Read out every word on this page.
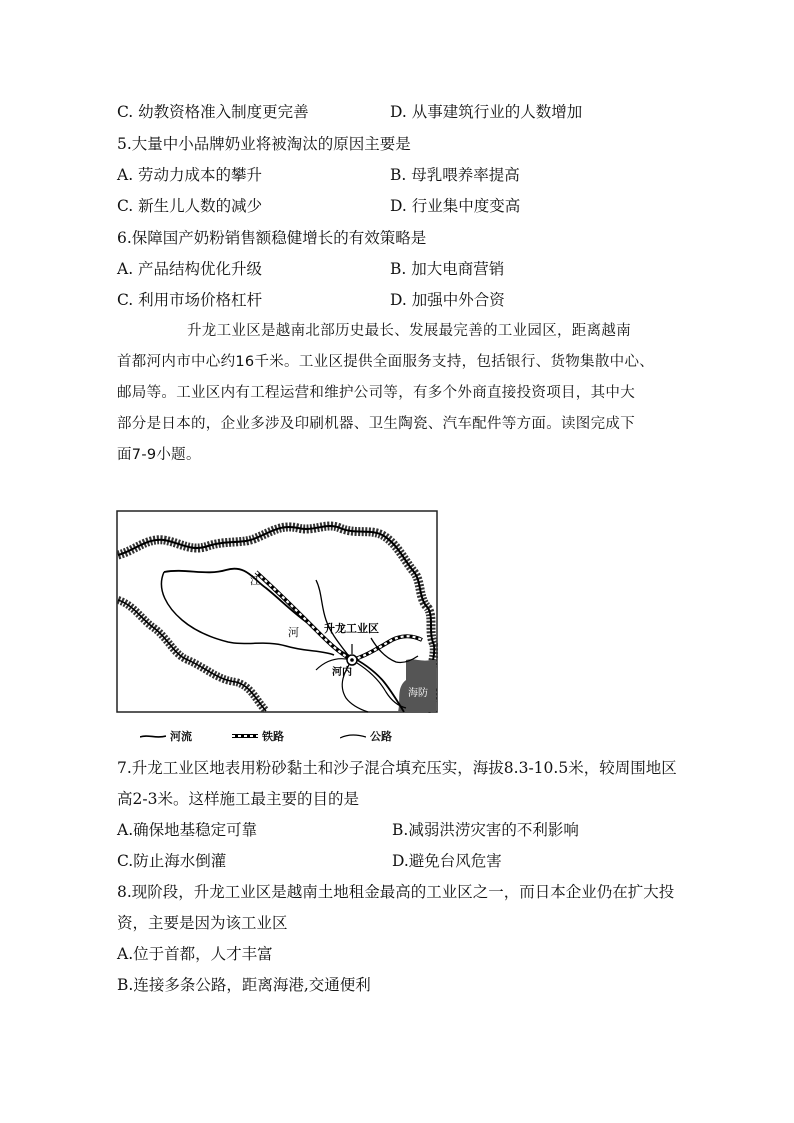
C. 幼教资格准入制度更完善	D. 从事建筑行业的人数增加
5.大量中小品牌奶业将被淘汰的原因主要是
A. 劳动力成本的攀升	B. 母乳喂养率提高
C. 新生儿人数的减少	D. 行业集中度变高
6.保障国产奶粉销售额稳健增长的有效策略是
A. 产品结构优化升级	B. 加大电商营销
C. 利用市场价格杠杆	D. 加强中外合资

升龙工业区是越南北部历史最长、发展最完善的工业园区，距离越南

首都河内市中心约16千米。工业区提供全面服务支持，包括银行、货物集散中心、

邮局等。工业区内有工程运营和维护公司等，有多个外商直接投资项目，其中大

部分是日本的，企业多涉及印刷机器、卫生陶瓷、汽车配件等方面。读图完成下

面7-9小题。

江
河 升龙工业区
河内
海防
河流	铁路	公路
7.升龙工业区地表用粉砂黏土和沙子混合填充压实，海拔8.3-10.5米，较周围地区
高2-3米。这样施工最主要的目的是
A.确保地基稳定可靠	B.减弱洪涝灾害的不利影响
C.防止海水倒灌	D.避免台风危害
8.现阶段，升龙工业区是越南土地租金最高的工业区之一，而日本企业仍在扩大投
资，主要是因为该工业区
A.位于首都，人才丰富
B.连接多条公路，距离海港,交通便利
